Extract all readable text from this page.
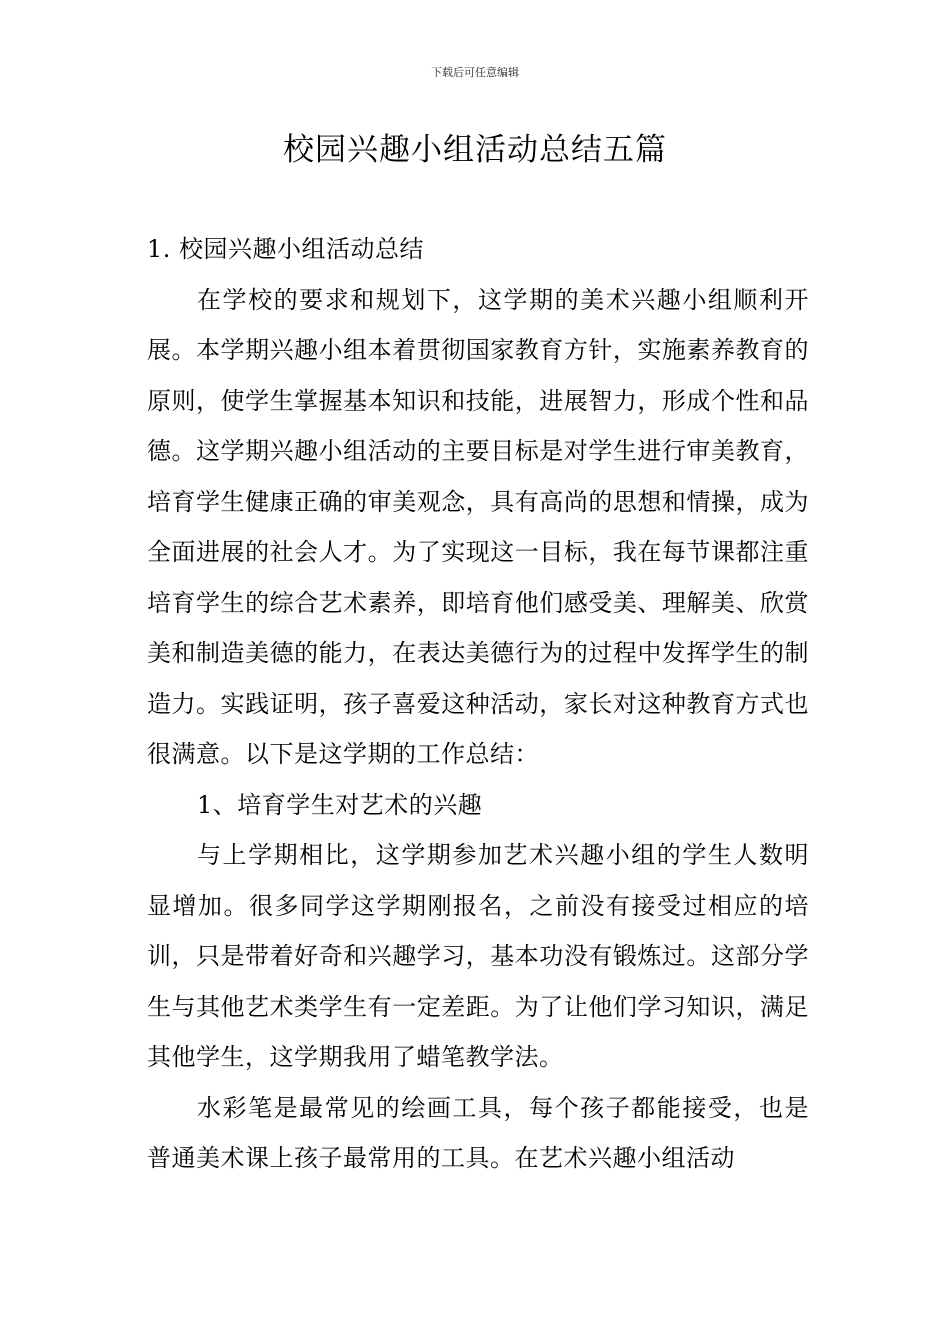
下载后可任意编辑
校园兴趣小组活动总结五篇

1. 校园兴趣小组活动总结

在学校的要求和规划下，这学期的美术兴趣小组顺利开展。本学期兴趣小组本着贯彻国家教育方针，实施素养教育的原则，使学生掌握基本知识和技能，进展智力，形成个性和品德。这学期兴趣小组活动的主要目标是对学生进行审美教育，培育学生健康正确的审美观念，具有高尚的思想和情操，成为全面进展的社会人才。为了实现这一目标，我在每节课都注重培育学生的综合艺术素养，即培育他们感受美、理解美、欣赏美和制造美德的能力，在表达美德行为的过程中发挥学生的制造力。实践证明，孩子喜爱这种活动，家长对这种教育方式也很满意。以下是这学期的工作总结：

1、培育学生对艺术的兴趣

与上学期相比，这学期参加艺术兴趣小组的学生人数明显增加。很多同学这学期刚报名，之前没有接受过相应的培训，只是带着好奇和兴趣学习，基本功没有锻炼过。这部分学生与其他艺术类学生有一定差距。为了让他们学习知识，满足其他学生，这学期我用了蜡笔教学法。

水彩笔是最常见的绘画工具，每个孩子都能接受，也是普通美术课上孩子最常用的工具。在艺术兴趣小组活动
